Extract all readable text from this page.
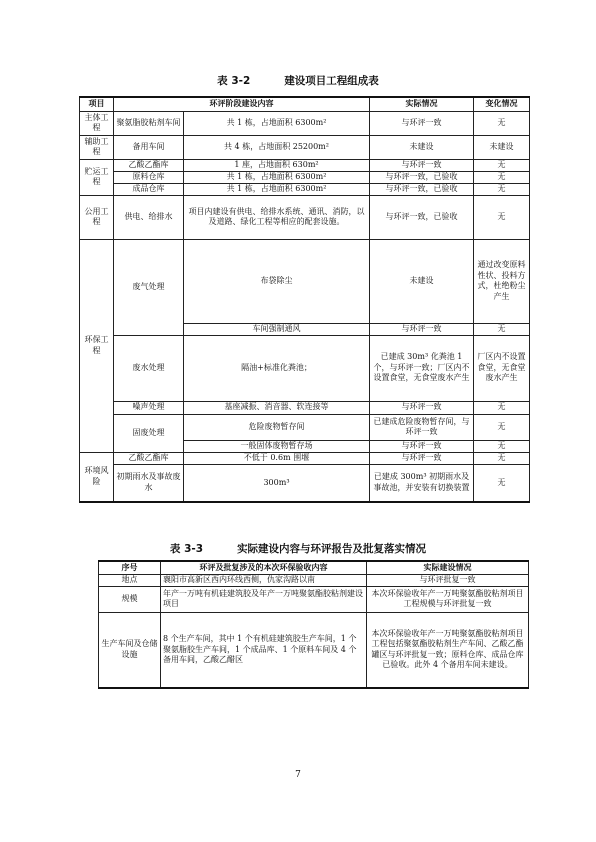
表 3-2	建设项目工程组成表
项目	环评阶段建设内容		实际情况	变化情况
主体工程	聚氨脂胶粘剂车间	共 1 栋，占地面积 6300m²	与环评一致	无
辅助工程	备用车间	共 4 栋，占地面积 25200m²	未建设	未建设
贮运工程	乙酸乙酯库	1 座，占地面积 630m²	与环评一致	无
	原料仓库	共 1 栋，占地面积 6300m²	与环评一致，已验收	无
	成品仓库	共 1 栋，占地面积 6300m²	与环评一致，已验收	无
公用工程	供电、给排水	项目内建设有供电、给排水系统、通讯、消防，以及道路、绿化工程等相应的配套设施。	与环评一致，已验收	无
环保工程	废气处理	布袋除尘	未建设	通过改变原料性状、投料方式，杜绝粉尘产生
		车间强制通风	与环评一致	无
	废水处理	隔油+标准化粪池；	已建成 30m³ 化粪池 1 个，与环评一致；厂区内不设置食堂，无食堂废水产生	厂区内不设置食堂，无食堂废水产生
	噪声处理	基座减振、消音器、软连接等	与环评一致	无
	固废处理	危险废物暂存间	已建成危险废物暂存间，与环评一致	无
		一般固体废物暂存场	与环评一致	无
环境风险	乙酸乙酯库	不低于 0.6m 围堰	与环评一致	无
	初期雨水及事故废水	300m³	已建成 300m³ 初期雨水及事故池，并安装有切换装置	无
表 3-3	实际建设内容与环评报告及批复落实情况
序号	环评及批复涉及的本次环保验收内容	实际建设情况
地点	襄阳市高新区西内环线西侧，仇家沟路以南	与环评批复一致
规模	年产一万吨有机硅建筑胶及年产一万吨聚氨酯胶粘剂建设项目	本次环保验收年产一万吨聚氨酯胶粘剂项目工程规模与环评批复一致
生产车间及仓储设施	8 个生产车间，其中 1 个有机硅建筑胶生产车间，1 个聚氨脂胶生产车间，1 个成品库、1 个原料车间及 4 个备用车间，乙酸乙醋区	本次环保验收年产一万吨聚氨酯胶粘剂项目工程包括聚氨酯胶粘剂生产车间、乙酸乙酯罐区与环评批复一致；原料仓库、成品仓库已验收。此外 4 个备用车间未建设。
7
